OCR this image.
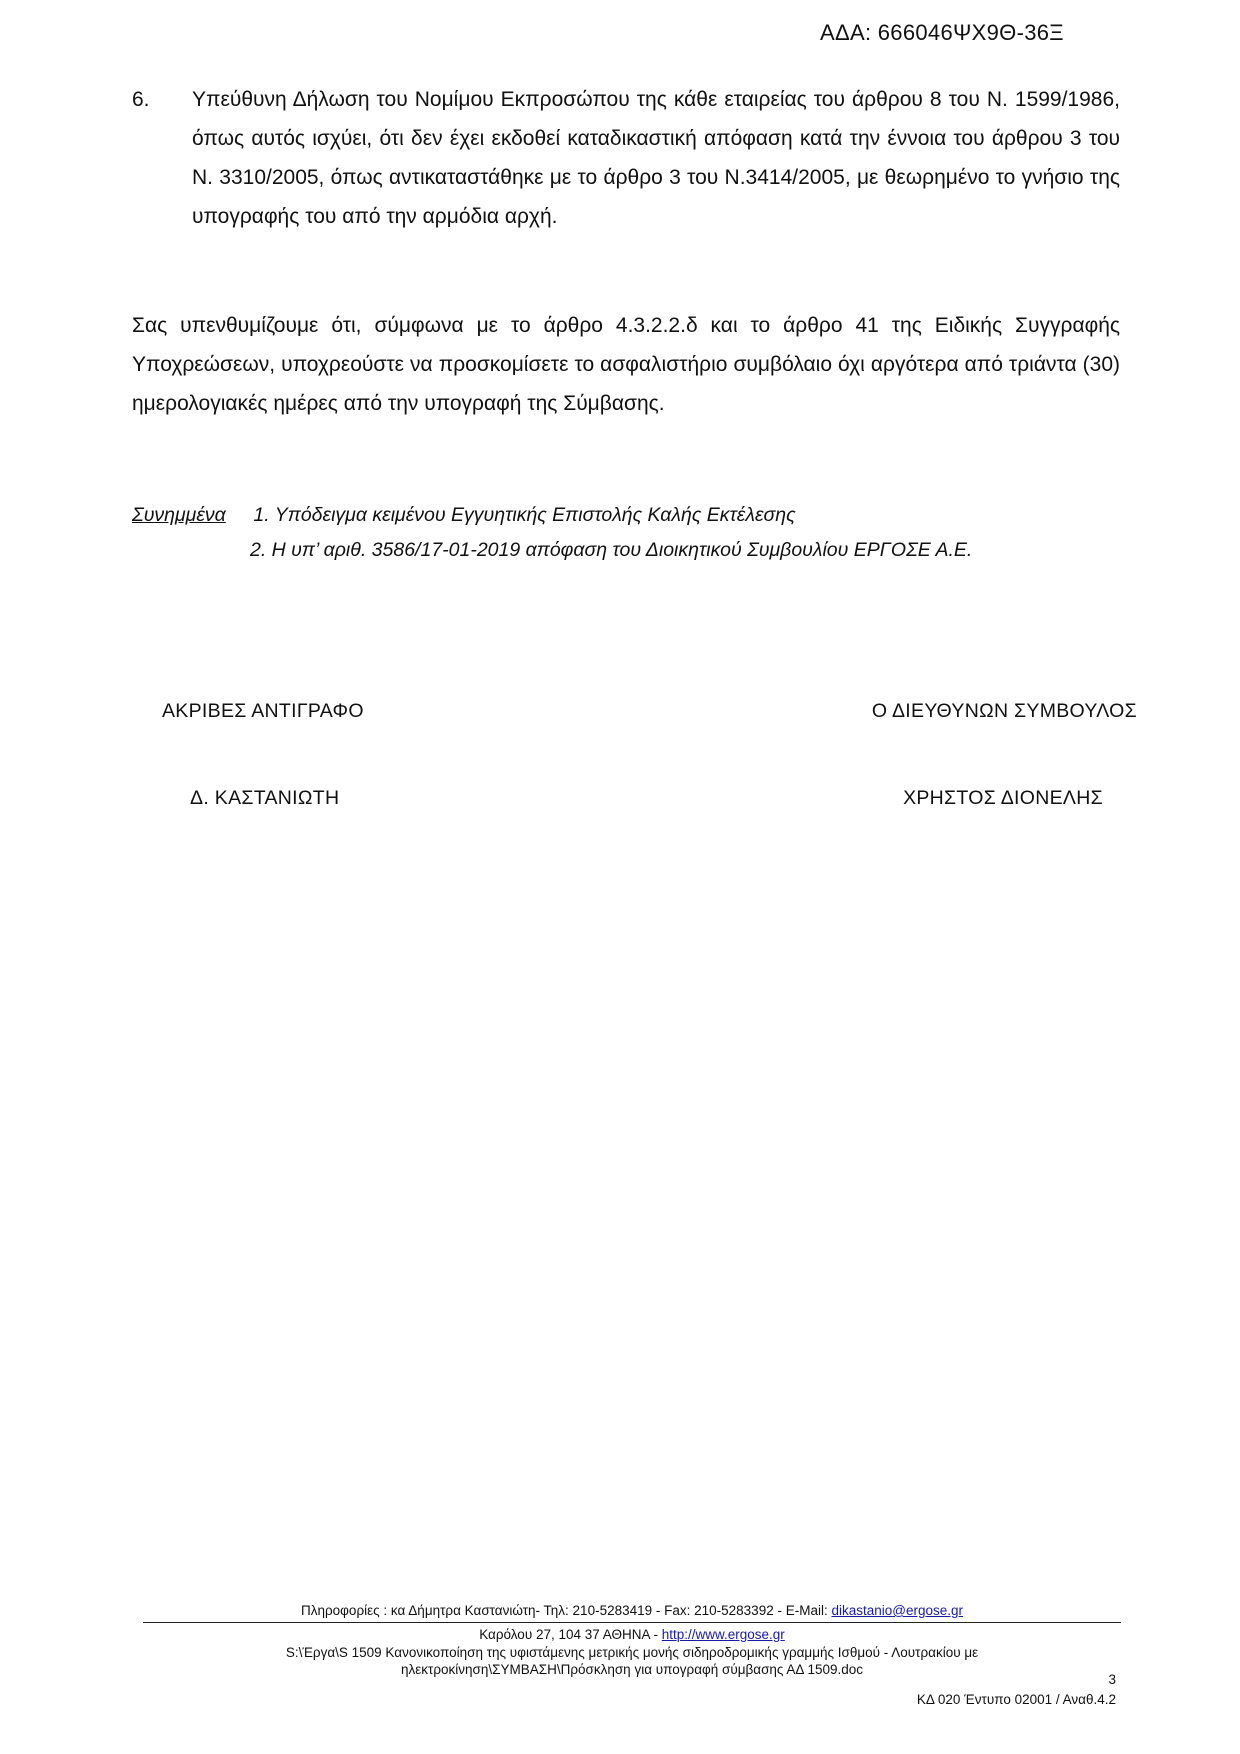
ΑΔΑ: 666046ΨΧ9Θ-36Ξ
6. Υπεύθυνη Δήλωση του Νομίμου Εκπροσώπου της κάθε εταιρείας του άρθρου 8 του Ν. 1599/1986, όπως αυτός ισχύει, ότι δεν έχει εκδοθεί καταδικαστική απόφαση κατά την έννοια του άρθρου 3 του Ν. 3310/2005, όπως αντικαταστάθηκε με το άρθρο 3 του Ν.3414/2005, με θεωρημένο το γνήσιο της υπογραφής του από την αρμόδια αρχή.
Σας υπενθυμίζουμε ότι, σύμφωνα με το άρθρο 4.3.2.2.δ και το άρθρο 41 της Ειδικής Συγγραφής Υποχρεώσεων, υποχρεούστε να προσκομίσετε το ασφαλιστήριο συμβόλαιο όχι αργότερα από τριάντα (30) ημερολογιακές ημέρες από την υπογραφή της Σύμβασης.
Συνημμένα 1. Υπόδειγμα κειμένου Εγγυητικής Επιστολής Καλής Εκτέλεσης
2. Η υπ’ αριθ. 3586/17-01-2019 απόφαση του Διοικητικού Συμβουλίου ΕΡΓΟΣΕ Α.Ε.
ΑΚΡΙΒΕΣ ΑΝΤΙΓΡΑΦΟ	Ο ΔΙΕΥΘΥΝΩΝ ΣΥΜΒΟΥΛΟΣ
Δ. ΚΑΣΤΑΝΙΩΤΗ	ΧΡΗΣΤΟΣ ΔΙΟΝΕΛΗΣ
Πληροφορίες : κα Δήμητρα Καστανιώτη- Τηλ: 210-5283419 - Fax: 210-5283392 - E-Mail: dikastanio@ergose.gr
Καρόλου 27, 104 37 ΑΘΗΝΑ - http://www.ergose.gr
S:\Έργα\S 1509 Κανονικοποίηση της υφιστάμενης μετρικής μονής σιδηροδρομικής γραμμής Ισθμού - Λουτρακίου με
ηλεκτροκίνηση\ΣΥΜΒΑΣΗ\Πρόσκληση για υπογραφή σύμβασης ΑΔ 1509.doc
3
ΚΔ 020 Έντυπο 02001 / Αναθ.4.2
